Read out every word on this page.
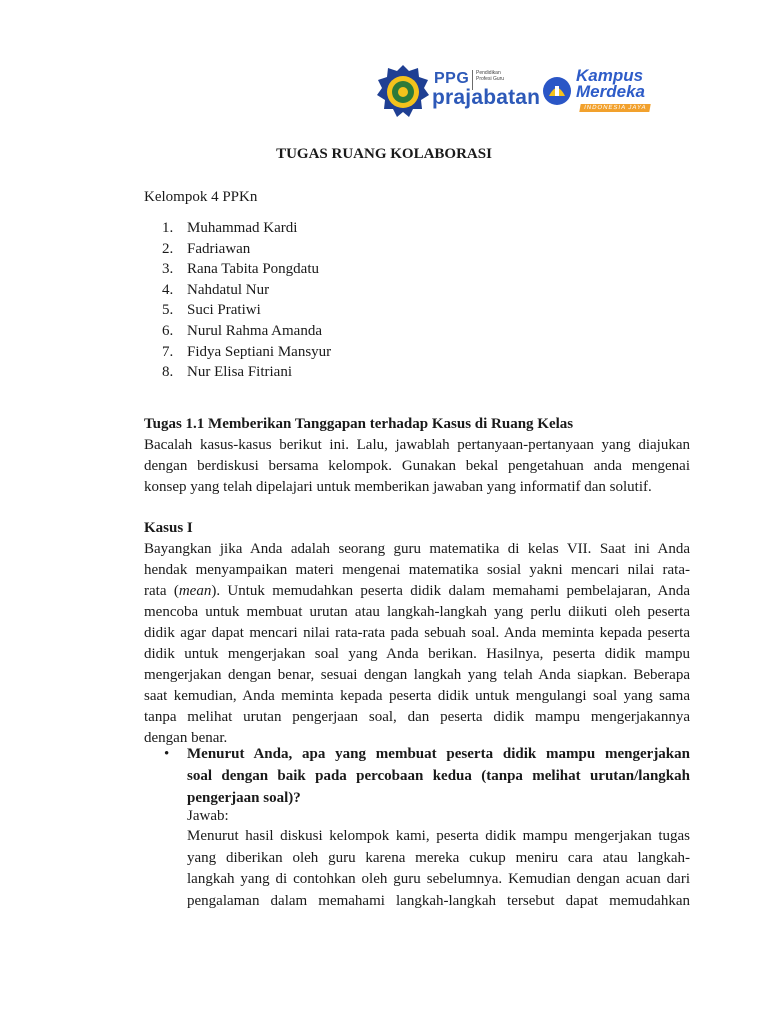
PPG Pendidikan Profesi Guru
prajabatan
Kampus
Merdeka
INDONESIA JAYA
TUGAS RUANG KOLABORASI
Kelompok 4 PPKn
1. Muhammad Kardi
2. Fadriawan
3. Rana Tabita Pongdatu
4. Nahdatul Nur
5. Suci Pratiwi
6. Nurul Rahma Amanda
7. Fidya Septiani Mansyur
8. Nur Elisa Fitriani
Tugas 1.1 Memberikan Tanggapan terhadap Kasus di Ruang Kelas
Bacalah kasus-kasus berikut ini. Lalu, jawablah pertanyaan-pertanyaan yang diajukan
dengan berdiskusi bersama kelompok. Gunakan bekal pengetahuan anda mengenai
konsep yang telah dipelajari untuk memberikan jawaban yang informatif dan solutif.
Kasus I
Bayangkan jika Anda adalah seorang guru matematika di kelas VII. Saat ini Anda
hendak menyampaikan materi mengenai matematika sosial yakni mencari nilai rata-
rata (mean). Untuk memudahkan peserta didik dalam memahami pembelajaran, Anda
mencoba untuk membuat urutan atau langkah-langkah yang perlu diikuti oleh peserta
didik agar dapat mencari nilai rata-rata pada sebuah soal. Anda meminta kepada peserta
didik untuk mengerjakan soal yang Anda berikan. Hasilnya, peserta didik mampu
mengerjakan dengan benar, sesuai dengan langkah yang telah Anda siapkan. Beberapa
saat kemudian, Anda meminta kepada peserta didik untuk mengulangi soal yang sama
tanpa melihat urutan pengerjaan soal, dan peserta didik mampu mengerjakannya
dengan benar.
• Menurut Anda, apa yang membuat peserta didik mampu mengerjakan
soal dengan baik pada percobaan kedua (tanpa melihat urutan/langkah
pengerjaan soal)?
Jawab:
Menurut hasil diskusi kelompok kami, peserta didik mampu mengerjakan tugas
yang diberikan oleh guru karena mereka cukup meniru cara atau langkah-
langkah yang di contohkan oleh guru sebelumnya. Kemudian dengan acuan dari
pengalaman dalam memahami langkah-langkah tersebut dapat memudahkan
